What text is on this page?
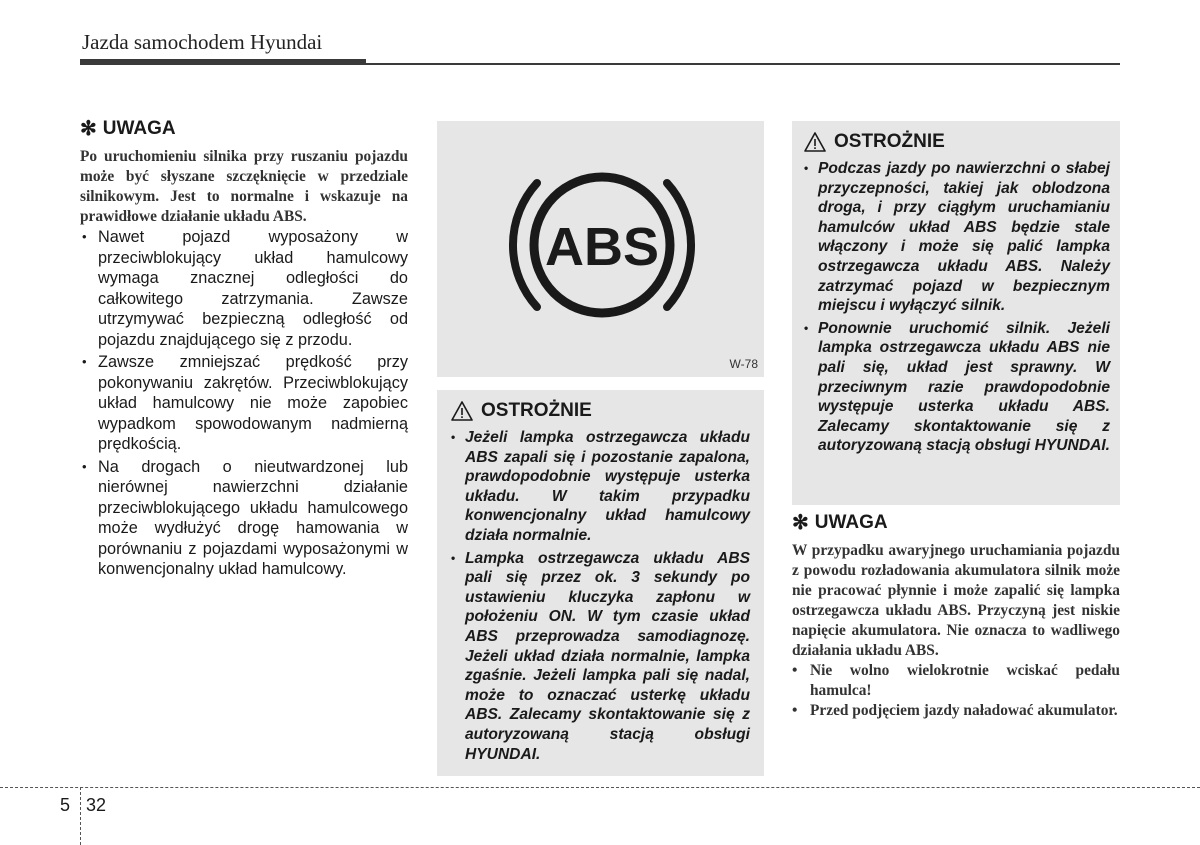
Jazda samochodem Hyundai
✻ UWAGA
Po uruchomieniu silnika przy ruszaniu pojazdu może być słyszane szczęknięcie w przedziale silnikowym. Jest to normalne i wskazuje na prawidłowe działanie układu ABS.
• Nawet pojazd wyposażony w przeciwblokujący układ hamulcowy wymaga znacznej odległości do całkowitego zatrzymania. Zawsze utrzymywać bezpieczną odległość od pojazdu znajdującego się z przodu.
• Zawsze zmniejszać prędkość przy pokonywaniu zakrętów. Przeciwblokujący układ hamulcowy nie może zapobiec wypadkom spowodowanym nadmierną prędkością.
• Na drogach o nieutwardzonej lub nierównej nawierzchni działanie przeciwblokującego układu hamulcowego może wydłużyć drogę hamowania w porównaniu z pojazdami wyposażonymi w konwencjonalny układ hamulcowy.
ABS
W-78
OSTROŻNIE
• Jeżeli lampka ostrzegawcza układu ABS zapali się i pozostanie zapalona, prawdopodobnie występuje usterka układu. W takim przypadku konwencjonalny układ hamulcowy działa normalnie.
• Lampka ostrzegawcza układu ABS pali się przez ok. 3 sekundy po ustawieniu kluczyka zapłonu w położeniu ON. W tym czasie układ ABS przeprowadza samodiagnozę. Jeżeli układ działa normalnie, lampka zgaśnie. Jeżeli lampka pali się nadal, może to oznaczać usterkę układu ABS. Zalecamy skontaktowanie się z autoryzowaną stacją obsługi HYUNDAI.
OSTROŻNIE
• Podczas jazdy po nawierzchni o słabej przyczepności, takiej jak oblodzona droga, i przy ciągłym uruchamianiu hamulców układ ABS będzie stale włączony i może się palić lampka ostrzegawcza układu ABS. Należy zatrzymać pojazd w bezpiecznym miejscu i wyłączyć silnik.
• Ponownie uruchomić silnik. Jeżeli lampka ostrzegawcza układu ABS nie pali się, układ jest sprawny. W przeciwnym razie prawdopodobnie występuje usterka układu ABS. Zalecamy skontaktowanie się z autoryzowaną stacją obsługi HYUNDAI.
✻ UWAGA
W przypadku awaryjnego uruchamiania pojazdu z powodu rozładowania akumulatora silnik może nie pracować płynnie i może zapalić się lampka ostrzegawcza układu ABS. Przyczyną jest niskie napięcie akumulatora. Nie oznacza to wadliwego działania układu ABS.
• Nie wolno wielokrotnie wciskać pedału hamulca!
• Przed podjęciem jazdy naładować akumulator.
5 32
